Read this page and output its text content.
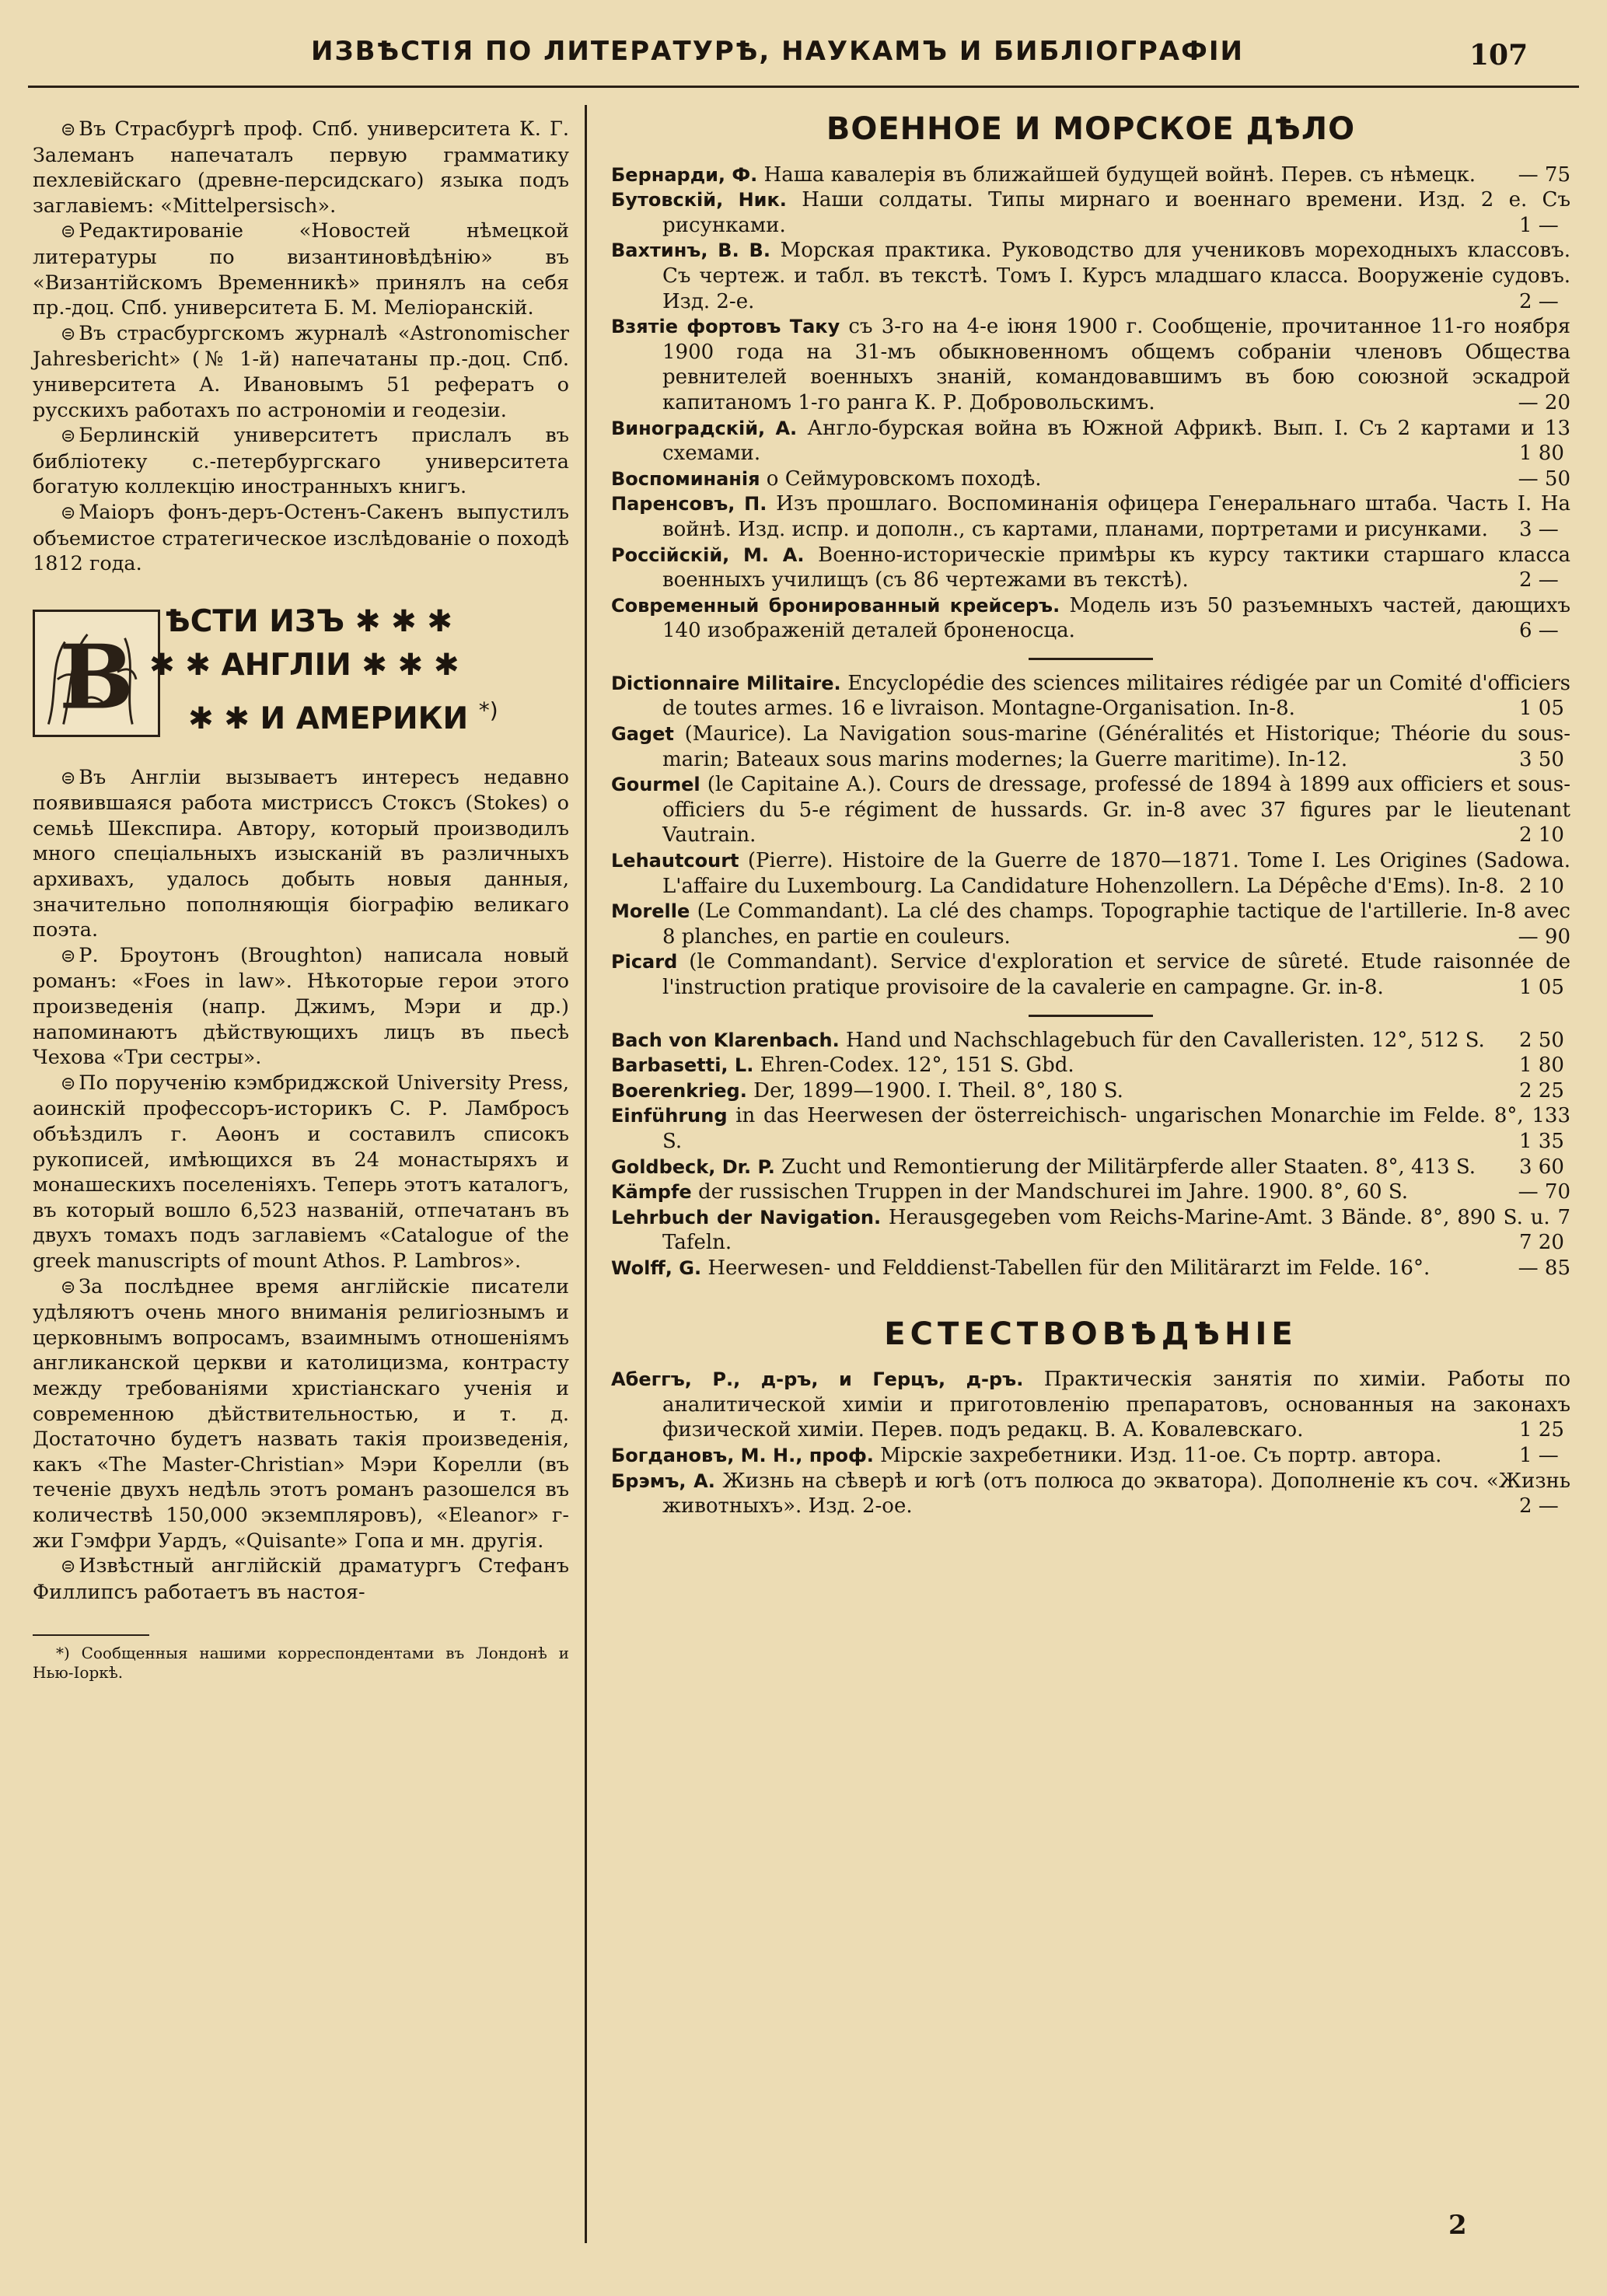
ИЗВѢСТІЯ ПО ЛИТЕРАТУРѢ, НАУКАМЪ И БИБЛІОГРАФІИ	107

⊜ Въ Страсбургѣ проф. Спб. университета К. Г. Залеманъ напечаталъ первую грамматику пехлевійскаго (древне-персидскаго) языка подъ заглавіемъ: «Mittelpersisch».

⊜ Редактированіе «Новостей нѣмецкой литературы по византиновѣдѣнію» въ «Византійскомъ Временникѣ» принялъ на себя пр.-доц. Спб. университета Б. М. Меліоранскій.

⊜ Въ страсбургскомъ журналѣ «Astronomischer Jahresbericht» (№ 1-й) напечатаны пр.-доц. Спб. университета А. Ивановымъ 51 рефератъ о русскихъ работахъ по астрономіи и геодезіи.

⊜ Берлинскій университетъ прислалъ въ библіотеку с.-петербургскаго университета богатую коллекцію иностранныхъ книгъ.

⊜ Маіоръ фонъ-деръ-Остенъ-Сакенъ выпустилъ объемистое стратегическое изслѣдованіе о походѣ 1812 года.

В
ѢСТИ ИЗЪ ✱ ✱ ✱
✱ ✱ АНГЛІИ ✱ ✱ ✱
✱ ✱ И АМЕРИКИ *)

⊜ Въ Англіи вызываетъ интересъ недавно появившаяся работа мистриссъ Стоксъ (Stokes) о семьѣ Шекспира. Автору, который производилъ много спеціальныхъ изысканій въ различныхъ архивахъ, удалось добыть новыя данныя, значительно пополняющія біографію великаго поэта.

⊜ Р. Броутонъ (Broughton) написала новый романъ: «Foes in law». Нѣкоторые герои этого произведенія (напр. Джимъ, Мэри и др.) напоминаютъ дѣйствующихъ лицъ въ пьесѣ Чехова «Три сестры».

⊜ По порученію кэмбриджской University Press, аоинскій профессоръ-историкъ С. Р. Ламбросъ объѣздилъ г. Аѳонъ и составилъ списокъ рукописей, имѣющихся въ 24 монастыряхъ и монашескихъ поселеніяхъ. Теперь этотъ каталогъ, въ который вошло 6,523 названій, отпечатанъ въ двухъ томахъ подъ заглавіемъ «Catalogue of the greek manuscripts of mount Athos. P. Lambros».

⊜ За послѣднее время англійскіе писатели удѣляютъ очень много вниманія религіознымъ и церковнымъ вопросамъ, взаимнымъ отношеніямъ англиканской церкви и католицизма, контрасту между требованіями христіанскаго ученія и современною дѣйствительностью, и т. д. Достаточно будетъ назвать такія произведенія, какъ «The Master-Christian» Мэри Корелли (въ теченіе двухъ недѣль этотъ романъ разошелся въ количествѣ 150,000 экземпляровъ), «Eleanor» г-жи Гэмфри Уардъ, «Quisante» Гопа и мн. другія.

⊜ Извѣстный англійскій драматургъ Стефанъ Филлипсъ работаетъ въ настоя-

*) Сообщенныя нашими корреспондентами въ Лондонѣ и Нью-Іоркѣ.
ВОЕННОЕ И МОРСКОЕ ДѢЛО

Бернарди, Ф. Наша кавалерія въ ближайшей будущей войнѣ. Перев. съ нѣмецк. — 75

Бутовскій, Ник. Наши солдаты. Типы мирнаго и военнаго времени. Изд. 2 е. Съ рисунками.	1 —

Вахтинъ, В. В. Морская практика. Руководство для учениковъ мореходныхъ классовъ. Съ чертеж. и табл. въ текстѣ. Томъ I. Курсъ младшаго класса. Вооруженіе судовъ. Изд. 2-е.	2 —

Взятіе фортовъ Таку съ 3-го на 4-е іюня 1900 г. Сообщеніе, прочитанное 11-го ноября 1900 года на 31-мъ обыкновенномъ общемъ собраніи членовъ Общества ревнителей военныхъ знаній, командовавшимъ въ бою союзной эскадрой капитаномъ 1-го ранга К. Р. Добровольскимъ.	— 20

Виноградскій, А. Англо-бурская война въ Южной Африкѣ. Вып. I. Съ 2 картами и 13 схемами.	1 80

Воспоминанія о Сеймуровскомъ походѣ.	— 50

Паренсовъ, П. Изъ прошлаго. Воспоминанія офицера Генеральнаго штаба. Часть I. На войнѣ. Изд. испр. и дополн., съ картами, планами, портретами и рисунками. 3 —

Россійскій, М. А. Военно-историческіе примѣры къ курсу тактики старшаго класса военныхъ училищъ (съ 86 чертежами въ текстѣ).	2 —

Современный бронированный крейсеръ. Модель изъ 50 разъемныхъ частей, дающихъ 140 изображеній деталей броненосца.	6 —

Dictionnaire Militaire. Encyclopédie des sciences militaires rédigée par un Comité d'officiers de toutes armes. 16 e livraison. Montagne-Organisation. In-8.	1 05

Gaget (Maurice). La Navigation sous-marine (Généralités et Historique; Théorie du sous-marin; Bateaux sous marins modernes; la Guerre maritime). In-12.	3 50

Gourmel (le Capitaine A.). Cours de dressage, professé de 1894 à 1899 aux officiers et sous-officiers du 5-e régiment de hussards. Gr. in-8 avec 37 figures par le lieutenant Vautrain.	2 10

Lehautcourt (Pierre). Histoire de la Guerre de 1870—1871. Tome I. Les Origines (Sadowa. L'affaire du Luxembourg. La Candidature Hohenzollern. La Dépêche d'Ems). In-8. 2 10

Morelle (Le Commandant). La clé des champs. Topographie tactique de l'artillerie. In-8 avec 8 planches, en partie en couleurs.	— 90

Picard (le Commandant). Service d'exploration et service de sûreté. Etude raisonnée de l'instruction pratique provisoire de la cavalerie en campagne. Gr. in-8.	1 05

Bach von Klarenbach. Hand und Nachschlagebuch für den Cavalleristen. 12°, 512 S. 2 50

Barbasetti, L. Ehren-Codex. 12°, 151 S. Gbd.	1 80

Boerenkrieg. Der, 1899—1900. I. Theil. 8°, 180 S.	2 25

Einführung in das Heerwesen der österreichisch- ungarischen Monarchie im Felde. 8°, 133 S.	1 35

Goldbeck, Dr. P. Zucht und Remontierung der Militärpferde aller Staaten. 8°, 413 S. 3 60

Kämpfe der russischen Truppen in der Mandschurei im Jahre. 1900. 8°, 60 S.	— 70

Lehrbuch der Navigation. Herausgegeben vom Reichs-Marine-Amt. 3 Bände. 8°, 890 S. u. 7 Tafeln.	7 20

Wolff, G. Heerwesen- und Felddienst-Tabellen für den Militärarzt im Felde. 16°.	— 85

ЕСТЕСТВОВѢДѢНІЕ

Абеггъ, Р., д-ръ, и Герцъ, д-ръ. Практическія занятія по химіи. Работы по аналитической химіи и приготовленію препаратовъ, основанныя на законахъ физической химіи. Перев. подъ редакц. В. А. Ковалевскаго.	1 25

Богдановъ, М. Н., проф. Мірскіе захребетники. Изд. 11-ое. Съ портр. автора.	1 —

Брэмъ, А. Жизнь на сѣверѣ и югѣ (отъ полюса до экватора). Дополненіе къ соч. «Жизнь животныхъ». Изд. 2-ое.	2 —

2
